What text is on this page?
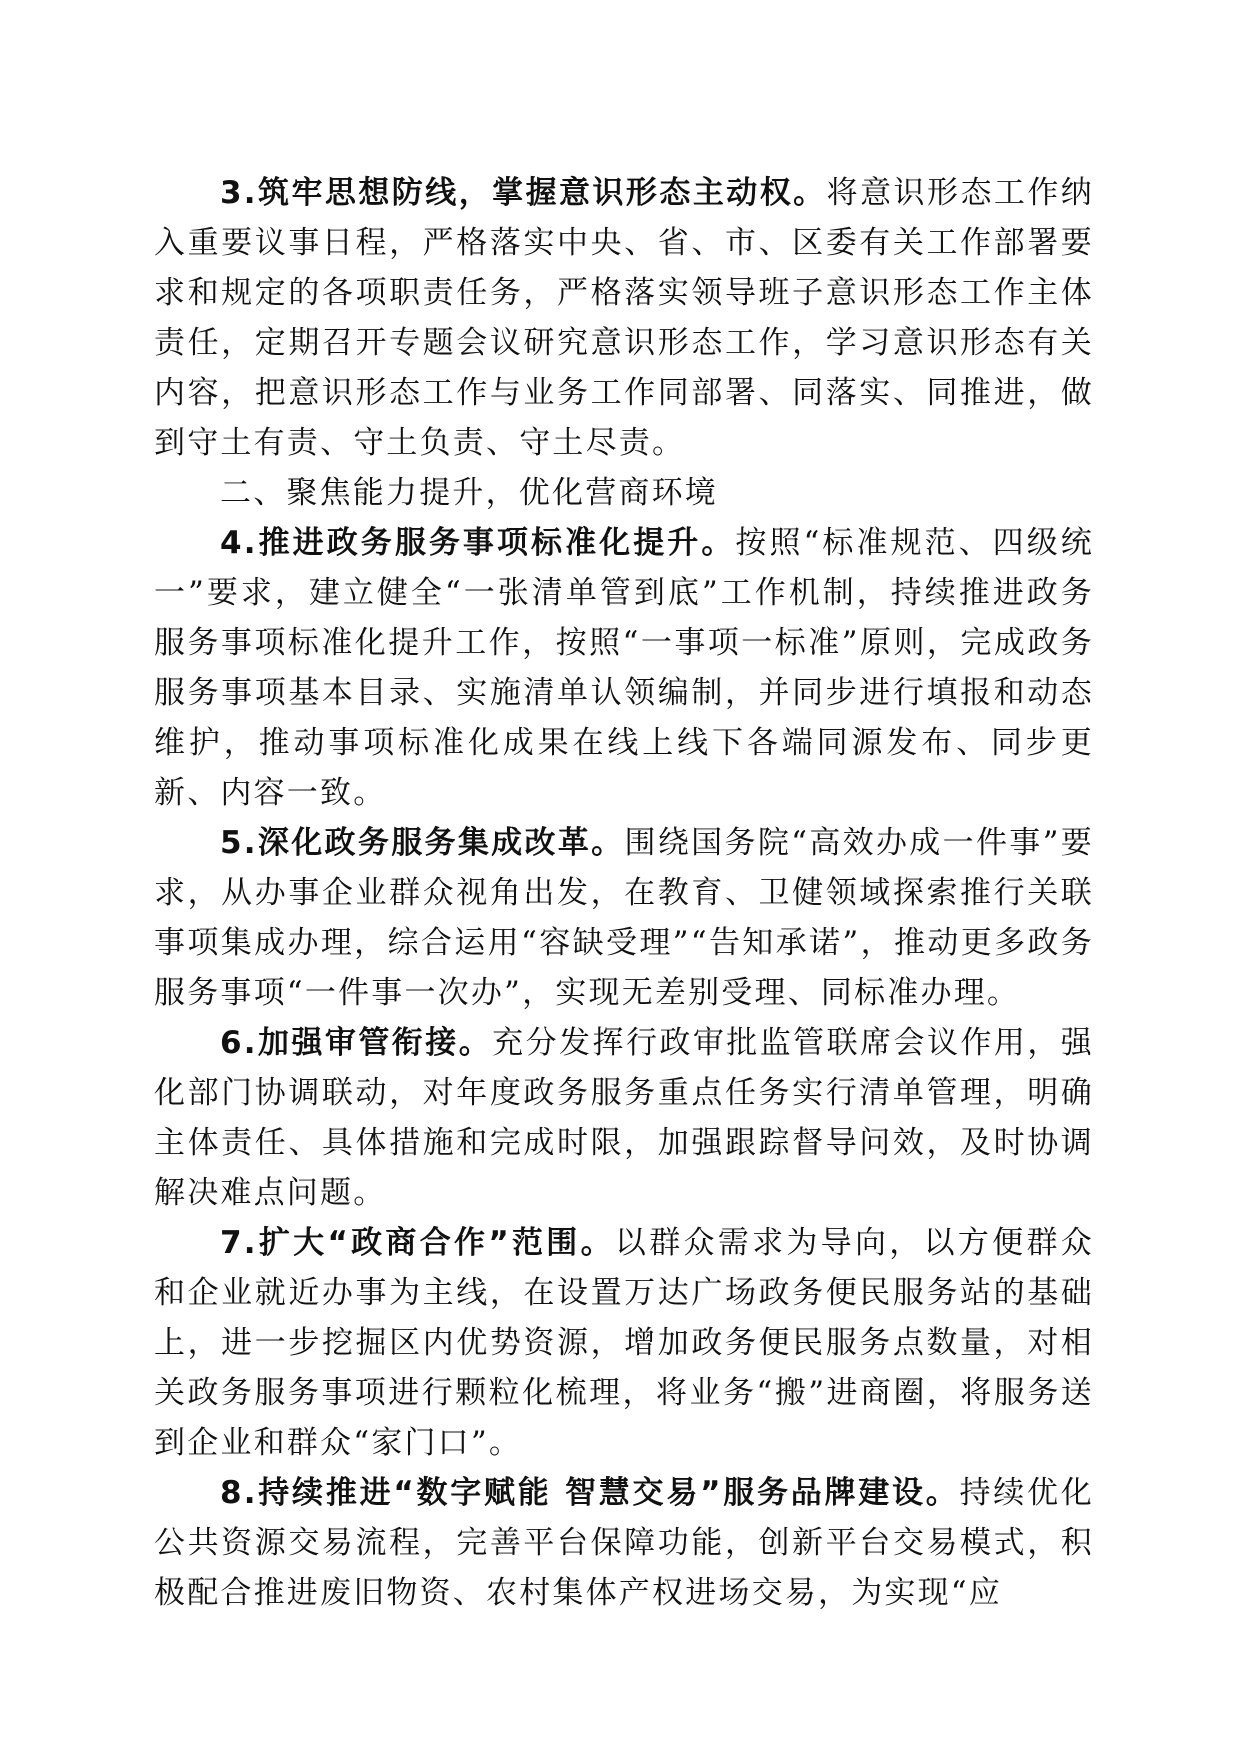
3.筑牢思想防线，掌握意识形态主动权。将意识形态工作纳入重要议事日程，严格落实中央、省、市、区委有关工作部署要求和规定的各项职责任务，严格落实领导班子意识形态工作主体责任，定期召开专题会议研究意识形态工作，学习意识形态有关内容，把意识形态工作与业务工作同部署、同落实、同推进，做到守土有责、守土负责、守土尽责。

二、聚焦能力提升，优化营商环境

4.推进政务服务事项标准化提升。按照“标准规范、四级统一”要求，建立健全“一张清单管到底”工作机制，持续推进政务服务事项标准化提升工作，按照“一事项一标准”原则，完成政务服务事项基本目录、实施清单认领编制，并同步进行填报和动态维护，推动事项标准化成果在线上线下各端同源发布、同步更新、内容一致。

5.深化政务服务集成改革。围绕国务院“高效办成一件事”要求，从办事企业群众视角出发，在教育、卫健领域探索推行关联事项集成办理，综合运用“容缺受理”“告知承诺”，推动更多政务服务事项“一件事一次办”，实现无差别受理、同标准办理。

6.加强审管衔接。充分发挥行政审批监管联席会议作用，强化部门协调联动，对年度政务服务重点任务实行清单管理，明确主体责任、具体措施和完成时限，加强跟踪督导问效，及时协调解决难点问题。

7.扩大“政商合作”范围。以群众需求为导向，以方便群众和企业就近办事为主线，在设置万达广场政务便民服务站的基础上，进一步挖掘区内优势资源，增加政务便民服务点数量，对相关政务服务事项进行颗粒化梳理，将业务“搬”进商圈，将服务送到企业和群众“家门口”。

8.持续推进“数字赋能 智慧交易”服务品牌建设。持续优化公共资源交易流程，完善平台保障功能，创新平台交易模式，积极配合推进废旧物资、农村集体产权进场交易，为实现“应
